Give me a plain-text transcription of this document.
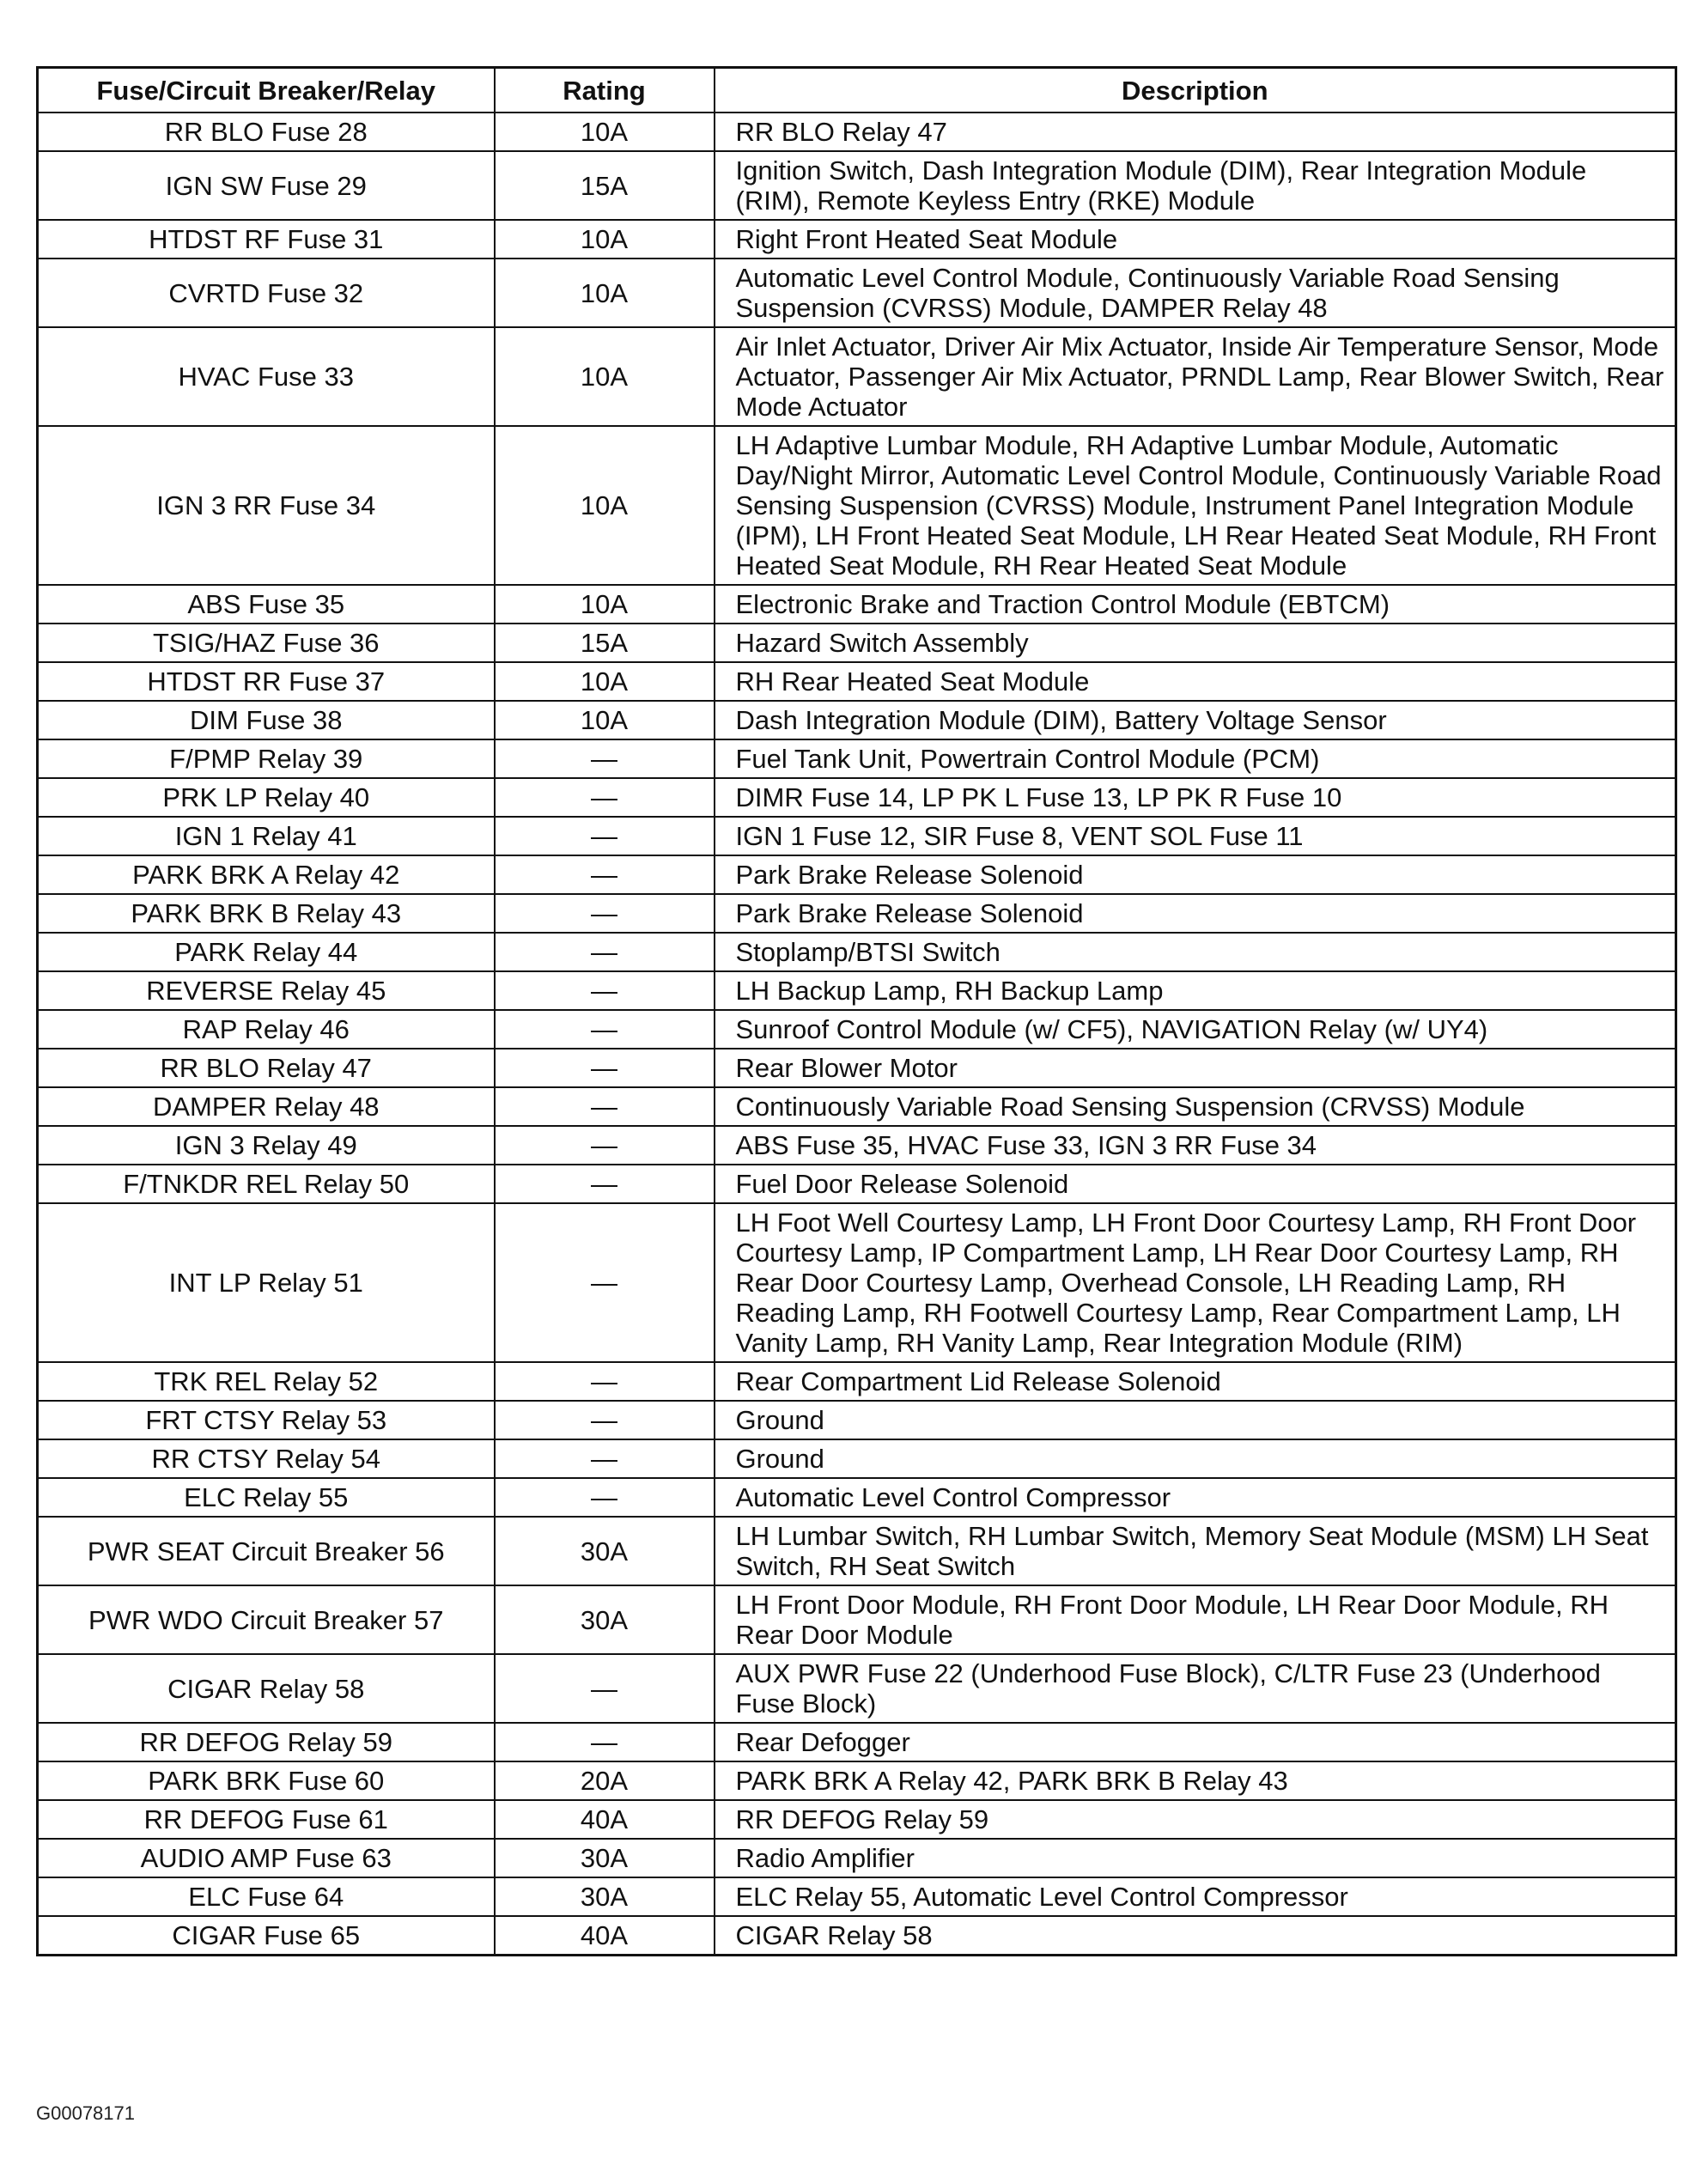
Fuse/Circuit Breaker/Relay	Rating	Description
RR BLO Fuse 28	10A	RR BLO Relay 47
IGN SW Fuse 29	15A	Ignition Switch, Dash Integration Module (DIM), Rear Integration Module (RIM), Remote Keyless Entry (RKE) Module
HTDST RF Fuse 31	10A	Right Front Heated Seat Module
CVRTD Fuse 32	10A	Automatic Level Control Module, Continuously Variable Road Sensing Suspension (CVRSS) Module, DAMPER Relay 48
HVAC Fuse 33	10A	Air Inlet Actuator, Driver Air Mix Actuator, Inside Air Temperature Sensor, Mode Actuator, Passenger Air Mix Actuator, PRNDL Lamp, Rear Blower Switch, Rear Mode Actuator
IGN 3 RR Fuse 34	10A	LH Adaptive Lumbar Module, RH Adaptive Lumbar Module, Automatic Day/Night Mirror, Automatic Level Control Module, Continuously Variable Road Sensing Suspension (CVRSS) Module, Instrument Panel Integration Module (IPM), LH Front Heated Seat Module, LH Rear Heated Seat Module, RH Front Heated Seat Module, RH Rear Heated Seat Module
ABS Fuse 35	10A	Electronic Brake and Traction Control Module (EBTCM)
TSIG/HAZ Fuse 36	15A	Hazard Switch Assembly
HTDST RR Fuse 37	10A	RH Rear Heated Seat Module
DIM Fuse 38	10A	Dash Integration Module (DIM), Battery Voltage Sensor
F/PMP Relay 39	—	Fuel Tank Unit, Powertrain Control Module (PCM)
PRK LP Relay 40	—	DIMR Fuse 14, LP PK L Fuse 13, LP PK R Fuse 10
IGN 1 Relay 41	—	IGN 1 Fuse 12, SIR Fuse 8, VENT SOL Fuse 11
PARK BRK A Relay 42	—	Park Brake Release Solenoid
PARK BRK B Relay 43	—	Park Brake Release Solenoid
PARK Relay 44	—	Stoplamp/BTSI Switch
REVERSE Relay 45	—	LH Backup Lamp, RH Backup Lamp
RAP Relay 46	—	Sunroof Control Module (w/ CF5), NAVIGATION Relay (w/ UY4)
RR BLO Relay 47	—	Rear Blower Motor
DAMPER Relay 48	—	Continuously Variable Road Sensing Suspension (CRVSS) Module
IGN 3 Relay 49	—	ABS Fuse 35, HVAC Fuse 33, IGN 3 RR Fuse 34
F/TNKDR REL Relay 50	—	Fuel Door Release Solenoid
INT LP Relay 51	—	LH Foot Well Courtesy Lamp, LH Front Door Courtesy Lamp, RH Front Door Courtesy Lamp, IP Compartment Lamp, LH Rear Door Courtesy Lamp, RH Rear Door Courtesy Lamp, Overhead Console, LH Reading Lamp, RH Reading Lamp, RH Footwell Courtesy Lamp, Rear Compartment Lamp, LH Vanity Lamp, RH Vanity Lamp, Rear Integration Module (RIM)
TRK REL Relay 52	—	Rear Compartment Lid Release Solenoid
FRT CTSY Relay 53	—	Ground
RR CTSY Relay 54	—	Ground
ELC Relay 55	—	Automatic Level Control Compressor
PWR SEAT Circuit Breaker 56	30A	LH Lumbar Switch, RH Lumbar Switch, Memory Seat Module (MSM) LH Seat Switch, RH Seat Switch
PWR WDO Circuit Breaker 57	30A	LH Front Door Module, RH Front Door Module, LH Rear Door Module, RH Rear Door Module
CIGAR Relay 58	—	AUX PWR Fuse 22 (Underhood Fuse Block), C/LTR Fuse 23 (Underhood Fuse Block)
RR DEFOG Relay 59	—	Rear Defogger
PARK BRK Fuse 60	20A	PARK BRK A Relay 42, PARK BRK B Relay 43
RR DEFOG Fuse 61	40A	RR DEFOG Relay 59
AUDIO AMP Fuse 63	30A	Radio Amplifier
ELC Fuse 64	30A	ELC Relay 55, Automatic Level Control Compressor
CIGAR Fuse 65	40A	CIGAR Relay 58
G00078171
